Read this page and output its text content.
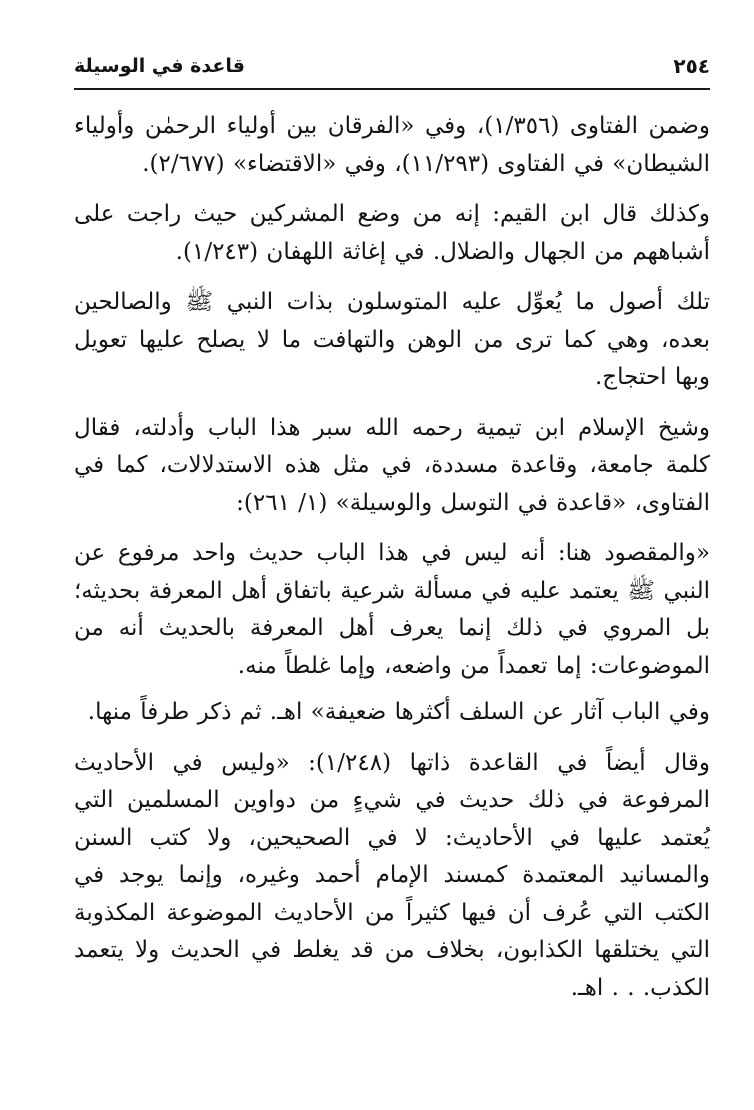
٢٥٤
قاعدة في الوسيلة

وضمن الفتاوى (١/٣٥٦)، وفي «الفرقان بين أولياء الرحمٰن وأولياء الشيطان» في الفتاوى (١١/٢٩٣)، وفي «الاقتضاء» (٢/٦٧٧).

وكذلك قال ابن القيم: إنه من وضع المشركين حيث راجت على أشباههم من الجهال والضلال. في إغاثة اللهفان (١/٢٤٣).

تلك أصول ما يُعوِّل عليه المتوسلون بذات النبي ﷺ والصالحين بعده، وهي كما ترى من الوهن والتهافت ما لا يصلح عليها تعويل وبها احتجاج.

وشيخ الإسلام ابن تيمية رحمه الله سبر هذا الباب وأدلته، فقال كلمة جامعة، وقاعدة مسددة، في مثل هذه الاستدلالات، كما في الفتاوى، «قاعدة في التوسل والوسيلة» (١/ ٢٦١):

«والمقصود هنا: أنه ليس في هذا الباب حديث واحد مرفوع عن النبي ﷺ يعتمد عليه في مسألة شرعية باتفاق أهل المعرفة بحديثه؛ بل المروي في ذلك إنما يعرف أهل المعرفة بالحديث أنه من الموضوعات: إما تعمداً من واضعه، وإما غلطاً منه.

وفي الباب آثار عن السلف أكثرها ضعيفة» اهـ. ثم ذكر طرفاً منها.

وقال أيضاً في القاعدة ذاتها (١/٢٤٨): «وليس في الأحاديث المرفوعة في ذلك حديث في شيءٍ من دواوين المسلمين التي يُعتمد عليها في الأحاديث: لا في الصحيحين، ولا كتب السنن والمسانيد المعتمدة كمسند الإمام أحمد وغيره، وإنما يوجد في الكتب التي عُرف أن فيها كثيراً من الأحاديث الموضوعة المكذوبة التي يختلقها الكذابون، بخلاف من قد يغلط في الحديث ولا يتعمد الكذب. . . اهـ.
